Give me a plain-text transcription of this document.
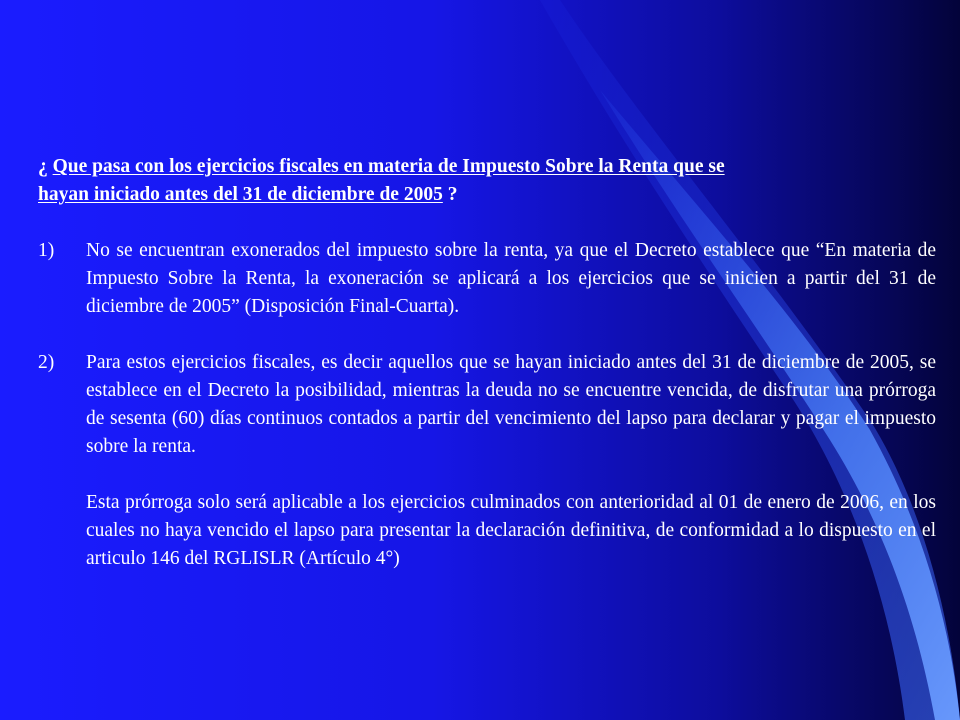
¿ Que pasa con los ejercicios fiscales en materia de Impuesto Sobre la Renta que se
hayan iniciado antes del 31 de diciembre de 2005 ?

1)	No se encuentran exonerados del impuesto sobre la renta, ya que el Decreto establece que “En materia de Impuesto Sobre la Renta, la exoneración se aplicará a los ejercicios que se inicien a partir del 31 de diciembre de 2005” (Disposición Final-Cuarta).

2)	Para estos ejercicios fiscales, es decir aquellos que se hayan iniciado antes del 31 de diciembre de 2005, se establece en el Decreto la posibilidad, mientras la deuda no se encuentre vencida, de disfrutar una prórroga de sesenta (60) días continuos contados a partir del vencimiento del lapso para declarar y pagar el impuesto sobre la renta.

Esta prórroga solo será aplicable a los ejercicios culminados con anterioridad al 01 de enero de 2006, en los cuales no haya vencido el lapso para presentar la declaración definitiva, de conformidad a lo dispuesto en el articulo 146 del RGLISLR (Artículo 4°)
